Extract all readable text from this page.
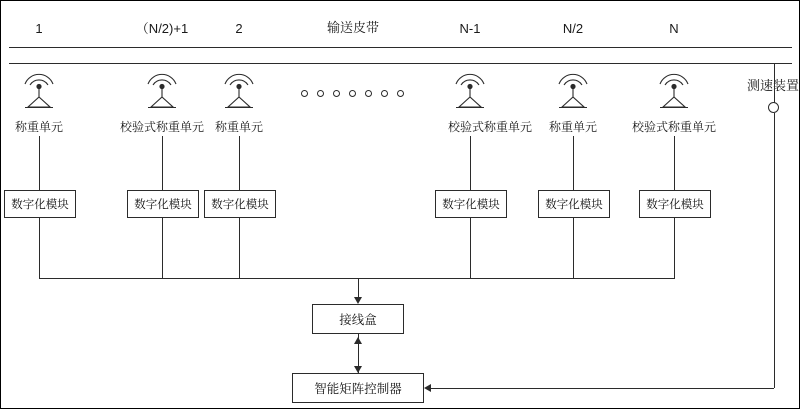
1	（N/2)+1	2	N-1	N/2	N
输送皮带
测速装置
称重单元	校验式称重单元 称重单元	校验式称重单元 称重单元	校验式称重单元
数字化模块	数字化模块	数字化模块	数字化模块	数字化模块	数字化模块
接线盒
智能矩阵控制器
